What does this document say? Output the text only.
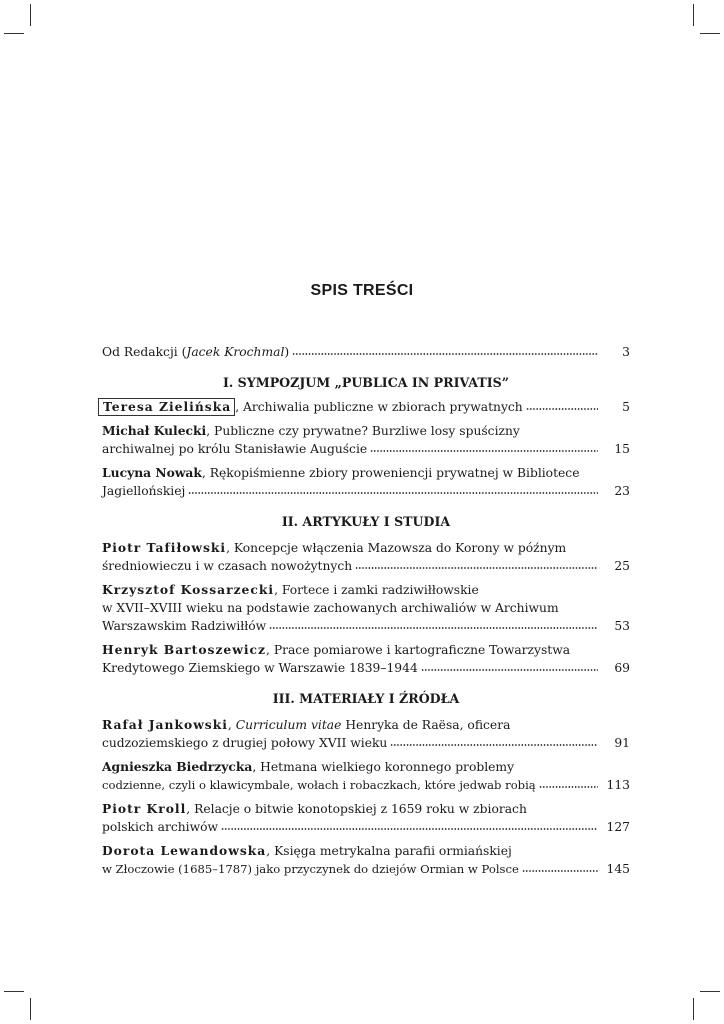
SPIS TREŚCI
Od Redakcji (Jacek Krochmal)	3
I. SYMPOZJUM „PUBLICA IN PRIVATIS”
Teresa Zielińska , Archiwalia publiczne w zbiorach prywatnych	5
Michał Kulecki, Publiczne czy prywatne? Burzliwe losy spuścizny
archiwalnej po królu Stanisławie Auguście	15
Lucyna Nowak, Rękopiśmienne zbiory proweniencji prywatnej w Bibliotece
Jagiellońskiej	23
II. ARTYKUŁY I STUDIA
Piotr Tafiłowski, Koncepcje włączenia Mazowsza do Korony w późnym
średniowieczu i w czasach nowożytnych	25
Krzysztof Kossarzecki, Fortece i zamki radziwiłłowskie
w XVII–XVIII wieku na podstawie zachowanych archiwaliów w Archiwum
Warszawskim Radziwiłłów	53
Henryk Bartoszewicz, Prace pomiarowe i kartograficzne Towarzystwa
Kredytowego Ziemskiego w Warszawie 1839–1944	69
III. MATERIAŁY I ŹRÓDŁA
Rafał Jankowski, Curriculum vitae Henryka de Raësa, oficera
cudzoziemskiego z drugiej połowy XVII wieku	91
Agnieszka Biedrzycka, Hetmana wielkiego koronnego problemy
codzienne, czyli o klawicymbale, wołach i robaczkach, które jedwab robią	113
Piotr Kroll, Relacje o bitwie konotopskiej z 1659 roku w zbiorach
polskich archiwów	127
Dorota Lewandowska, Księga metrykalna parafii ormiańskiej
w Złoczowie (1685–1787) jako przyczynek do dziejów Ormian w Polsce	145
